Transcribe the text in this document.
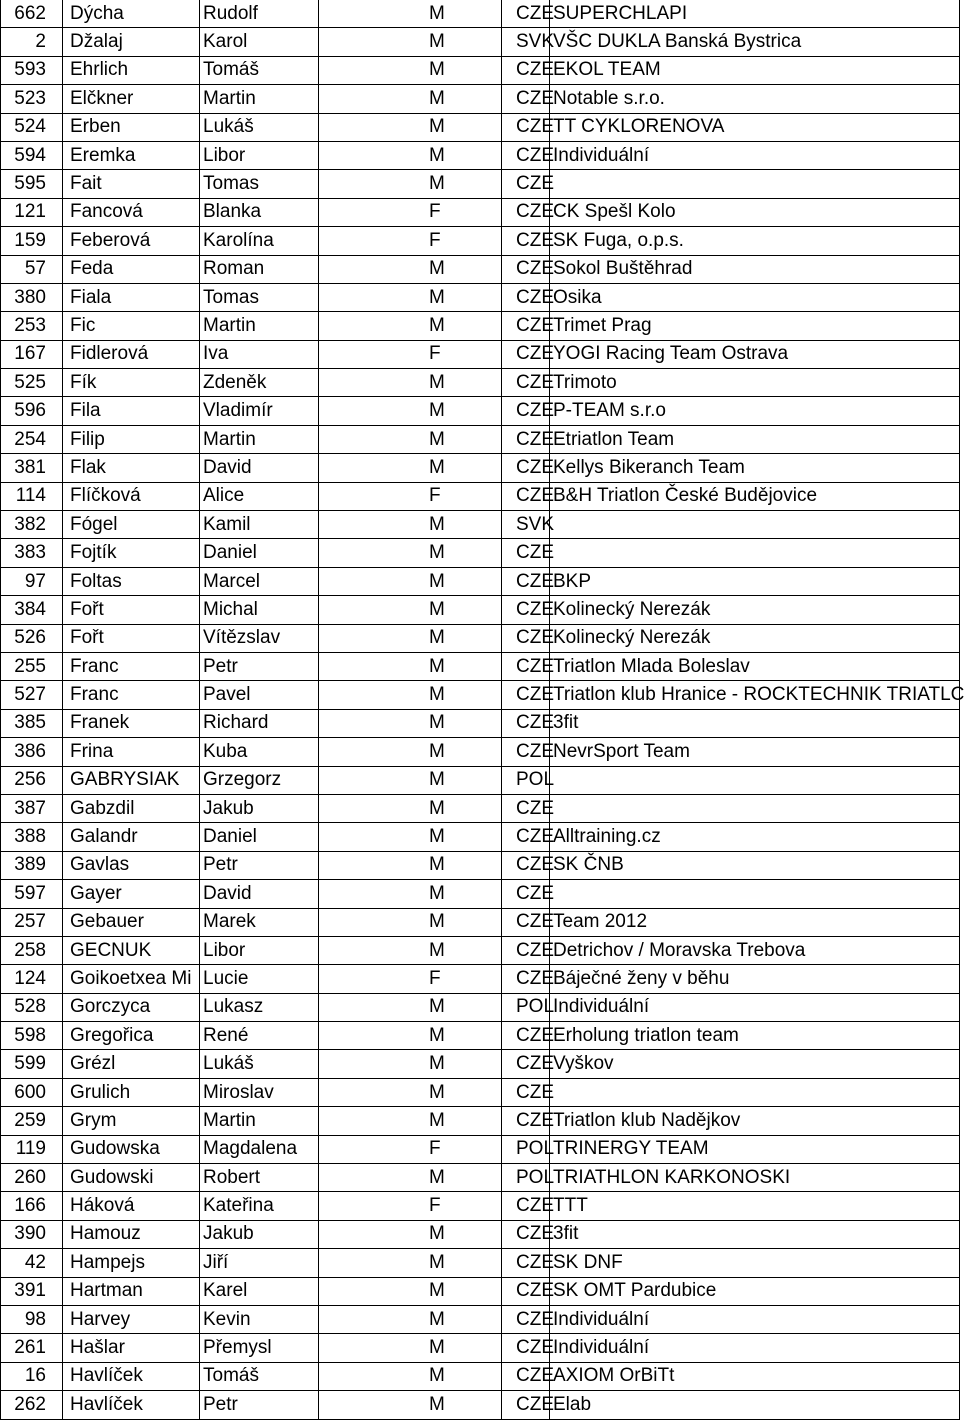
662	Dýcha	Rudolf	M	CZE	SUPERCHLAPI
2	Džalaj	Karol	M	SVK	VŠC DUKLA Banská Bystrica
593	Ehrlich	Tomáš	M	CZE	EKOL TEAM
523	Elčkner	Martin	M	CZE	Notable s.r.o.
524	Erben	Lukáš	M	CZE	TT CYKLORENOVA
594	Eremka	Libor	M	CZE	Individuální
595	Fait	Tomas	M	CZE	
121	Fancová	Blanka	F	CZE	CK Spešl Kolo
159	Feberová	Karolína	F	CZE	SK Fuga, o.p.s.
57	Feda	Roman	M	CZE	Sokol Buštěhrad
380	Fiala	Tomas	M	CZE	Osika
253	Fic	Martin	M	CZE	Trimet Prag
167	Fidlerová	Iva	F	CZE	YOGI Racing Team Ostrava
525	Fík	Zdeněk	M	CZE	Trimoto
596	Fila	Vladimír	M	CZE	P-TEAM s.r.o
254	Filip	Martin	M	CZE	Etriatlon Team
381	Flak	David	M	CZE	Kellys Bikeranch Team
114	Flíčková	Alice	F	CZE	B&H Triatlon České Budějovice
382	Fógel	Kamil	M	SVK	
383	Fojtík	Daniel	M	CZE	
97	Foltas	Marcel	M	CZE	BKP
384	Fořt	Michal	M	CZE	Kolinecký Nerezák
526	Fořt	Vítězslav	M	CZE	Kolinecký Nerezák
255	Franc	Petr	M	CZE	Triatlon Mlada Boleslav
527	Franc	Pavel	M	CZE	Triatlon klub Hranice - ROCKTECHNIK TRIATLC
385	Franek	Richard	M	CZE	3fit
386	Frina	Kuba	M	CZE	NevrSport Team
256	GABRYSIAK	Grzegorz	M	POL	
387	Gabzdil	Jakub	M	CZE	
388	Galandr	Daniel	M	CZE	Alltraining.cz
389	Gavlas	Petr	M	CZE	SK ČNB
597	Gayer	David	M	CZE	
257	Gebauer	Marek	M	CZE	Team 2012
258	GECNUK	Libor	M	CZE	Detrichov / Moravska Trebova
124	Goikoetxea Mi	Lucie	F	CZE	Báječné ženy v běhu
528	Gorczyca	Lukasz	M	POL	Individuální
598	Gregořica	René	M	CZE	Erholung triatlon team
599	Grézl	Lukáš	M	CZE	Vyškov
600	Grulich	Miroslav	M	CZE	
259	Grym	Martin	M	CZE	Triatlon klub Nadějkov
119	Gudowska	Magdalena	F	POL	TRINERGY TEAM
260	Gudowski	Robert	M	POL	TRIATHLON KARKONOSKI
166	Háková	Kateřina	F	CZE	TTT
390	Hamouz	Jakub	M	CZE	3fit
42	Hampejs	Jiří	M	CZE	SK DNF
391	Hartman	Karel	M	CZE	SK OMT Pardubice
98	Harvey	Kevin	M	CZE	Individuální
261	Hašlar	Přemysl	M	CZE	Individuální
16	Havlíček	Tomáš	M	CZE	AXIOM OrBiTt
262	Havlíček	Petr	M	CZE	Elab
